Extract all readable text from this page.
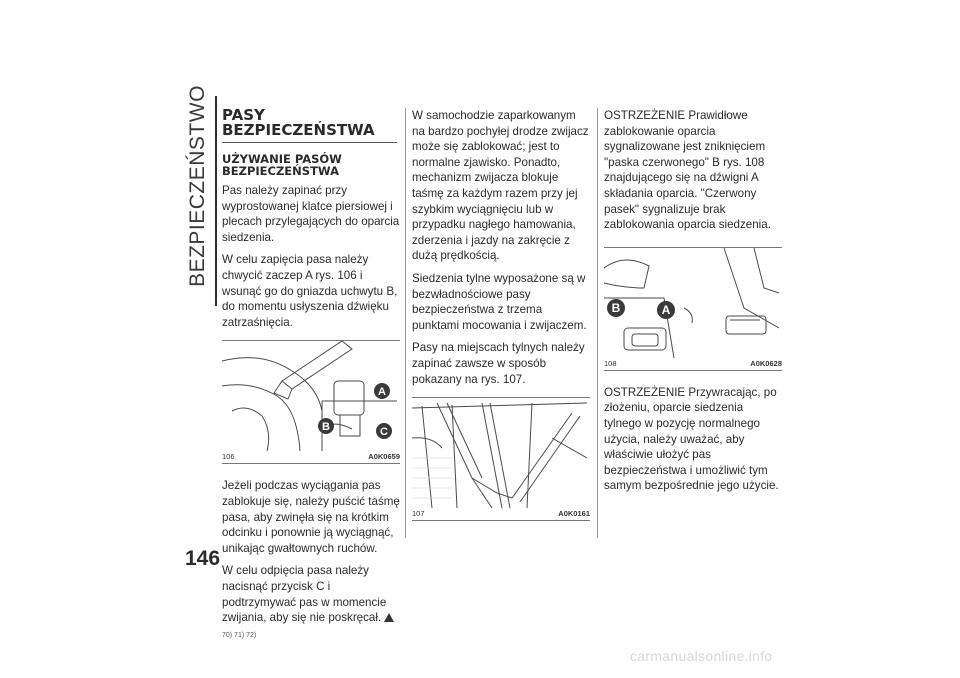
BEZPIECZEŃSTWO
146
PASY
BEZPIECZEŃSTWA
UŻYWANIE PASÓW
BEZPIECZEŃSTWA

Pas należy zapinać przy wyprostowanej klatce piersiowej i plecach przylegających do oparcia siedzenia.

W celu zapięcia pasa należy chwycić zaczep A rys. 106 i wsunąć go do gniazda uchwytu B, do momentu usłyszenia dźwięku zatrzaśnięcia.

A
B	C
106	A0K0659

Jeżeli podczas wyciągania pas zablokuje się, należy puścić taśmę pasa, aby zwinęła się na krótkim odcinku i ponownie ją wyciągnąć, unikając gwałtownych ruchów.

W celu odpięcia pasa należy nacisnąć przycisk C i podtrzymywać pas w momencie zwijania, aby się nie poskręcał.  70) 71) 72)

W samochodzie zaparkowanym na bardzo pochyłej drodze zwijacz może się zablokować; jest to normalne zjawisko. Ponadto, mechanizm zwijacza blokuje taśmę za każdym razem przy jej szybkim wyciągnięciu lub w przypadku nagłego hamowania, zderzenia i jazdy na zakręcie z dużą prędkością.

Siedzenia tylne wyposażone są w bezwładnościowe pasy bezpieczeństwa z trzema punktami mocowania i zwijaczem.

Pasy na miejscach tylnych należy zapinać zawsze w sposób pokazany na rys. 107.

107	A0K0161

OSTRZEŻENIE Prawidłowe zablokowanie oparcia sygnalizowane jest zniknięciem "paska czerwonego" B rys. 108 znajdującego się na dźwigni A składania oparcia. "Czerwony pasek" sygnalizuje brak zablokowania oparcia siedzenia.

B	A
108	A0K0628

OSTRZEŻENIE Przywracając, po złożeniu, oparcie siedzenia tylnego w pozycję normalnego użycia, należy uważać, aby właściwie ułożyć pas bezpieczeństwa i umożliwić tym samym bezpośrednie jego użycie.

carmanualsonline.info
